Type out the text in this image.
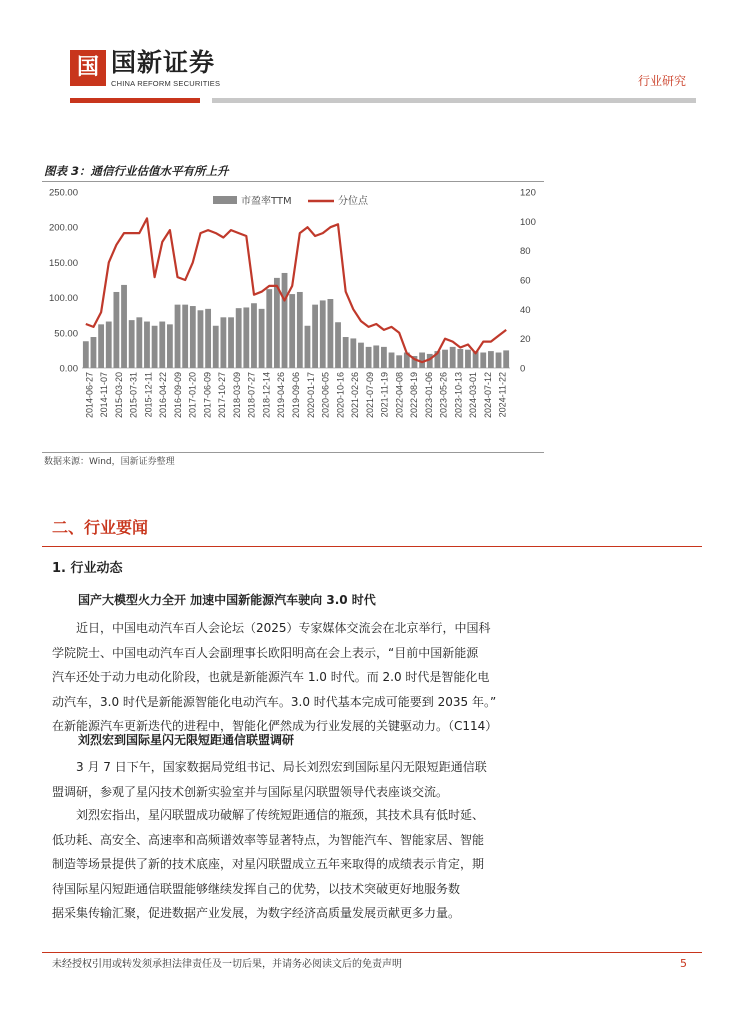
国 国新证券
CHINA REFORM SECURITIES	行业研究
图表 3：通信行业估值水平有所上升
0.00
50.00
100.00
150.00
200.00
250.00
0
20
40
60
80
100
120
2014-06-27 2014-11-07 2015-03-20 2015-07-31 2015-12-11 2016-04-22 2016-09-09 2017-01-20 2017-06-09 2017-10-27 2018-03-09 2018-07-27 2018-12-14 2019-04-26 2019-09-06 2020-01-17 2020-06-05 2020-10-16 2021-02-26 2021-07-09 2021-11-19 2022-04-08 2022-08-19 2023-01-06 2023-05-26 2023-10-13 2024-03-01 2024-07-12 2024-11-22
市盈率TTM	分位点
数据来源：Wind，国新证券整理
二、行业要闻
1. 行业动态
国产大模型火力全开 加速中国新能源汽车驶向 3.0 时代

近日，中国电动汽车百人会论坛（2025）专家媒体交流会在北京举行，中国科

学院院士、中国电动汽车百人会副理事长欧阳明高在会上表示，“目前中国新能源

汽车还处于动力电动化阶段，也就是新能源汽车 1.0 时代。而 2.0 时代是智能化电

动汽车，3.0 时代是新能源智能化电动汽车。3.0 时代基本完成可能要到 2035 年。”

在新能源汽车更新迭代的进程中，智能化俨然成为行业发展的关键驱动力。（C114）

刘烈宏到国际星闪无限短距通信联盟调研

3 月 7 日下午，国家数据局党组书记、局长刘烈宏到国际星闪无限短距通信联

盟调研，参观了星闪技术创新实验室并与国际星闪联盟领导代表座谈交流。

刘烈宏指出，星闪联盟成功破解了传统短距通信的瓶颈，其技术具有低时延、

低功耗、高安全、高速率和高频谱效率等显著特点，为智能汽车、智能家居、智能

制造等场景提供了新的技术底座，对星闪联盟成立五年来取得的成绩表示肯定，期

待国际星闪短距通信联盟能够继续发挥自己的优势，以技术突破更好地服务数

据采集传输汇聚，促进数据产业发展，为数字经济高质量发展贡献更多力量。

未经授权引用或转发须承担法律责任及一切后果，并请务必阅读文后的免责声明	5
